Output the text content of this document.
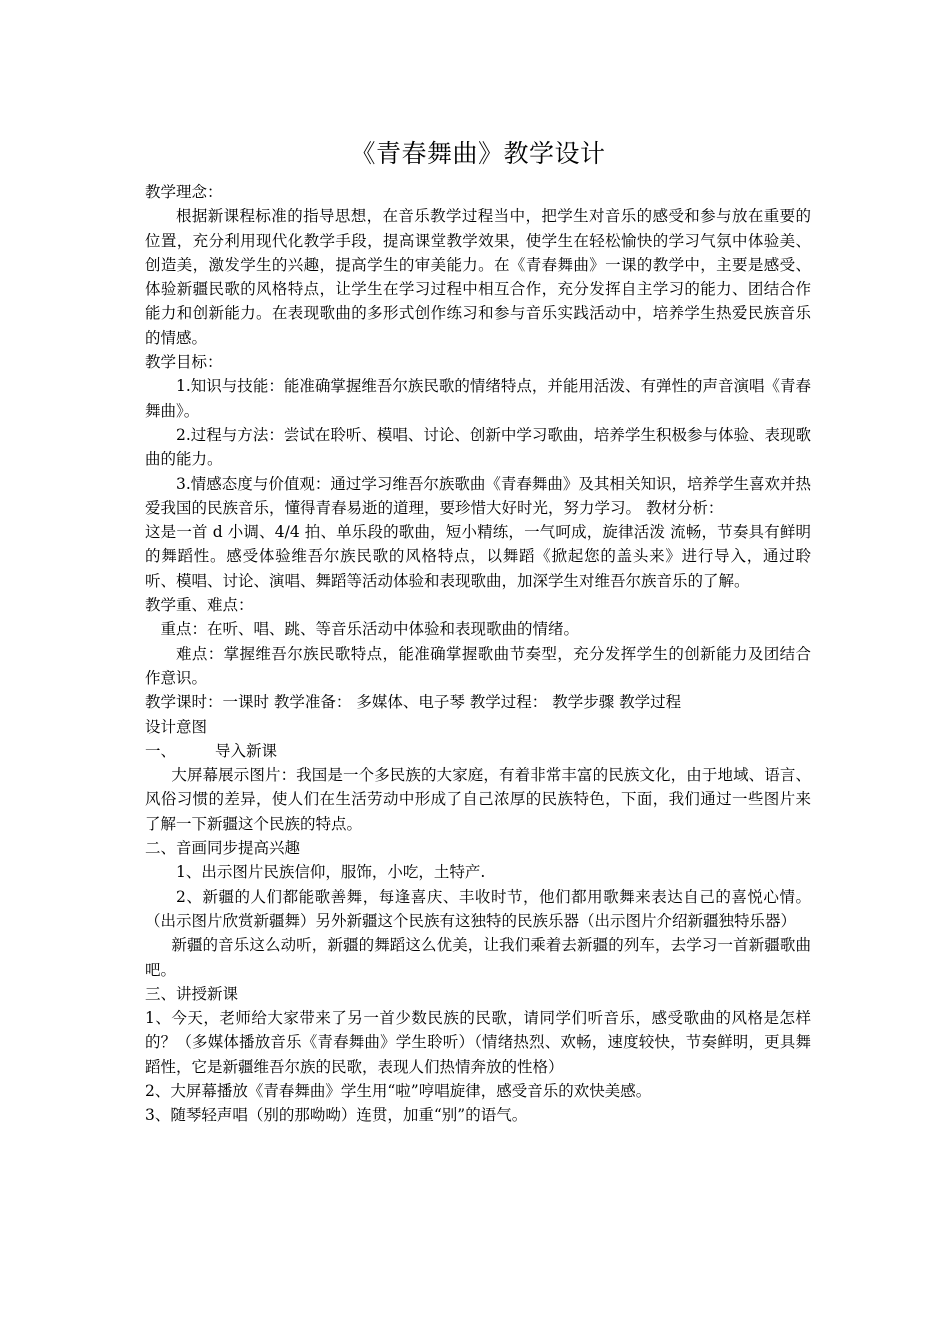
《青春舞曲》教学设计

教学理念：

根据新课程标准的指导思想，在音乐教学过程当中，把学生对音乐的感受和参与放在重要的位置，充分利用现代化教学手段，提高课堂教学效果，使学生在轻松愉快的学习气氛中体验美、创造美，激发学生的兴趣，提高学生的审美能力。在《青春舞曲》一课的教学中，主要是感受、体验新疆民歌的风格特点，让学生在学习过程中相互合作，充分发挥自主学习的能力、团结合作能力和创新能力。在表现歌曲的多形式创作练习和参与音乐实践活动中，培养学生热爱民族音乐的情感。

教学目标：

1.知识与技能：能准确掌握维吾尔族民歌的情绪特点，并能用活泼、有弹性的声音演唱《青春舞曲》。

2.过程与方法：尝试在聆听、模唱、讨论、创新中学习歌曲，培养学生积极参与体验、表现歌曲的能力。

3.情感态度与价值观：通过学习维吾尔族歌曲《青春舞曲》及其相关知识，培养学生喜欢并热爱我国的民族音乐，懂得青春易逝的道理，要珍惜大好时光，努力学习。 教材分析：

这是一首 d 小调、4/4 拍、单乐段的歌曲，短小精练，一气呵成，旋律活泼 流畅，节奏具有鲜明的舞蹈性。感受体验维吾尔族民歌的风格特点，以舞蹈《掀起您的盖头来》进行导入，通过聆听、模唱、讨论、演唱、舞蹈等活动体验和表现歌曲，加深学生对维吾尔族音乐的了解。

教学重、难点：

重点：在听、唱、跳、等音乐活动中体验和表现歌曲的情绪。

难点：掌握维吾尔族民歌特点，能准确掌握歌曲节奏型，充分发挥学生的创新能力及团结合作意识。

教学课时：一课时 教学准备： 多媒体、电子琴 教学过程： 教学步骤 教学过程

设计意图

一、	导入新课

大屏幕展示图片：我国是一个多民族的大家庭，有着非常丰富的民族文化，由于地域、语言、风俗习惯的差异，使人们在生活劳动中形成了自己浓厚的民族特色，下面，我们通过一些图片来了解一下新疆这个民族的特点。

二、音画同步提高兴趣

1、出示图片民族信仰，服饰，小吃，土特产.

2、新疆的人们都能歌善舞，每逢喜庆、丰收时节，他们都用歌舞来表达自己的喜悦心情。 （出示图片欣赏新疆舞）另外新疆这个民族有这独特的民族乐器（出示图片介绍新疆独特乐器）

新疆的音乐这么动听，新疆的舞蹈这么优美，让我们乘着去新疆的列车，去学习一首新疆歌曲吧。

三、讲授新课

1、今天，老师给大家带来了另一首少数民族的民歌，请同学们听音乐，感受歌曲的风格是怎样的？（多媒体播放音乐《青春舞曲》学生聆听）（情绪热烈、欢畅，速度较快，节奏鲜明，更具舞蹈性，它是新疆维吾尔族的民歌，表现人们热情奔放的性格）

2、大屏幕播放《青春舞曲》学生用“啦”哼唱旋律，感受音乐的欢快美感。

3、随琴轻声唱（别的那呦呦）连贯，加重“别”的语气。
